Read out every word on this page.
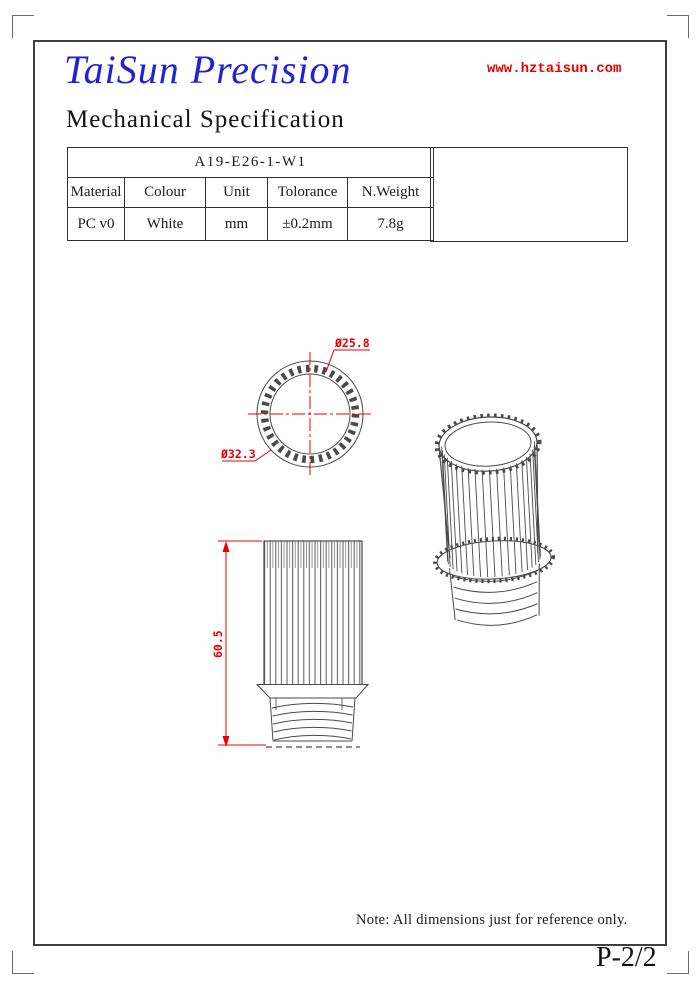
TaiSun Precision	www.hztaisun.com
Mechanical Specification
A19-E26-1-W1				
Material	Colour	Unit	Tolorance	N.Weight
PC v0	White	mm	±0.2mm	7.8g
Ø25.8
Ø32.3
60.5
Note: All dimensions just for reference only.
P-2/2
